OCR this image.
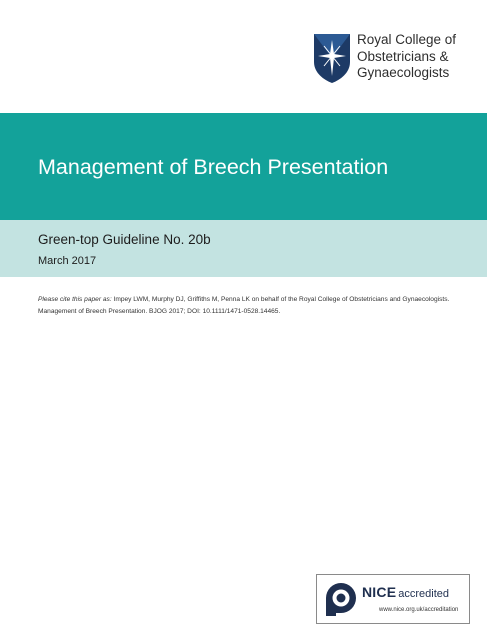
Royal College of
Obstetricians &
Gynaecologists
Management of Breech Presentation
Green-top Guideline No. 20b
March 2017

Please cite this paper as: Impey LWM, Murphy DJ, Griffiths M, Penna LK on behalf of the Royal College of Obstetricians and Gynaecologists. Management of Breech Presentation. BJOG 2017; DOI: 10.1111/1471-0528.14465.

NICE accredited
www.nice.org.uk/accreditation
